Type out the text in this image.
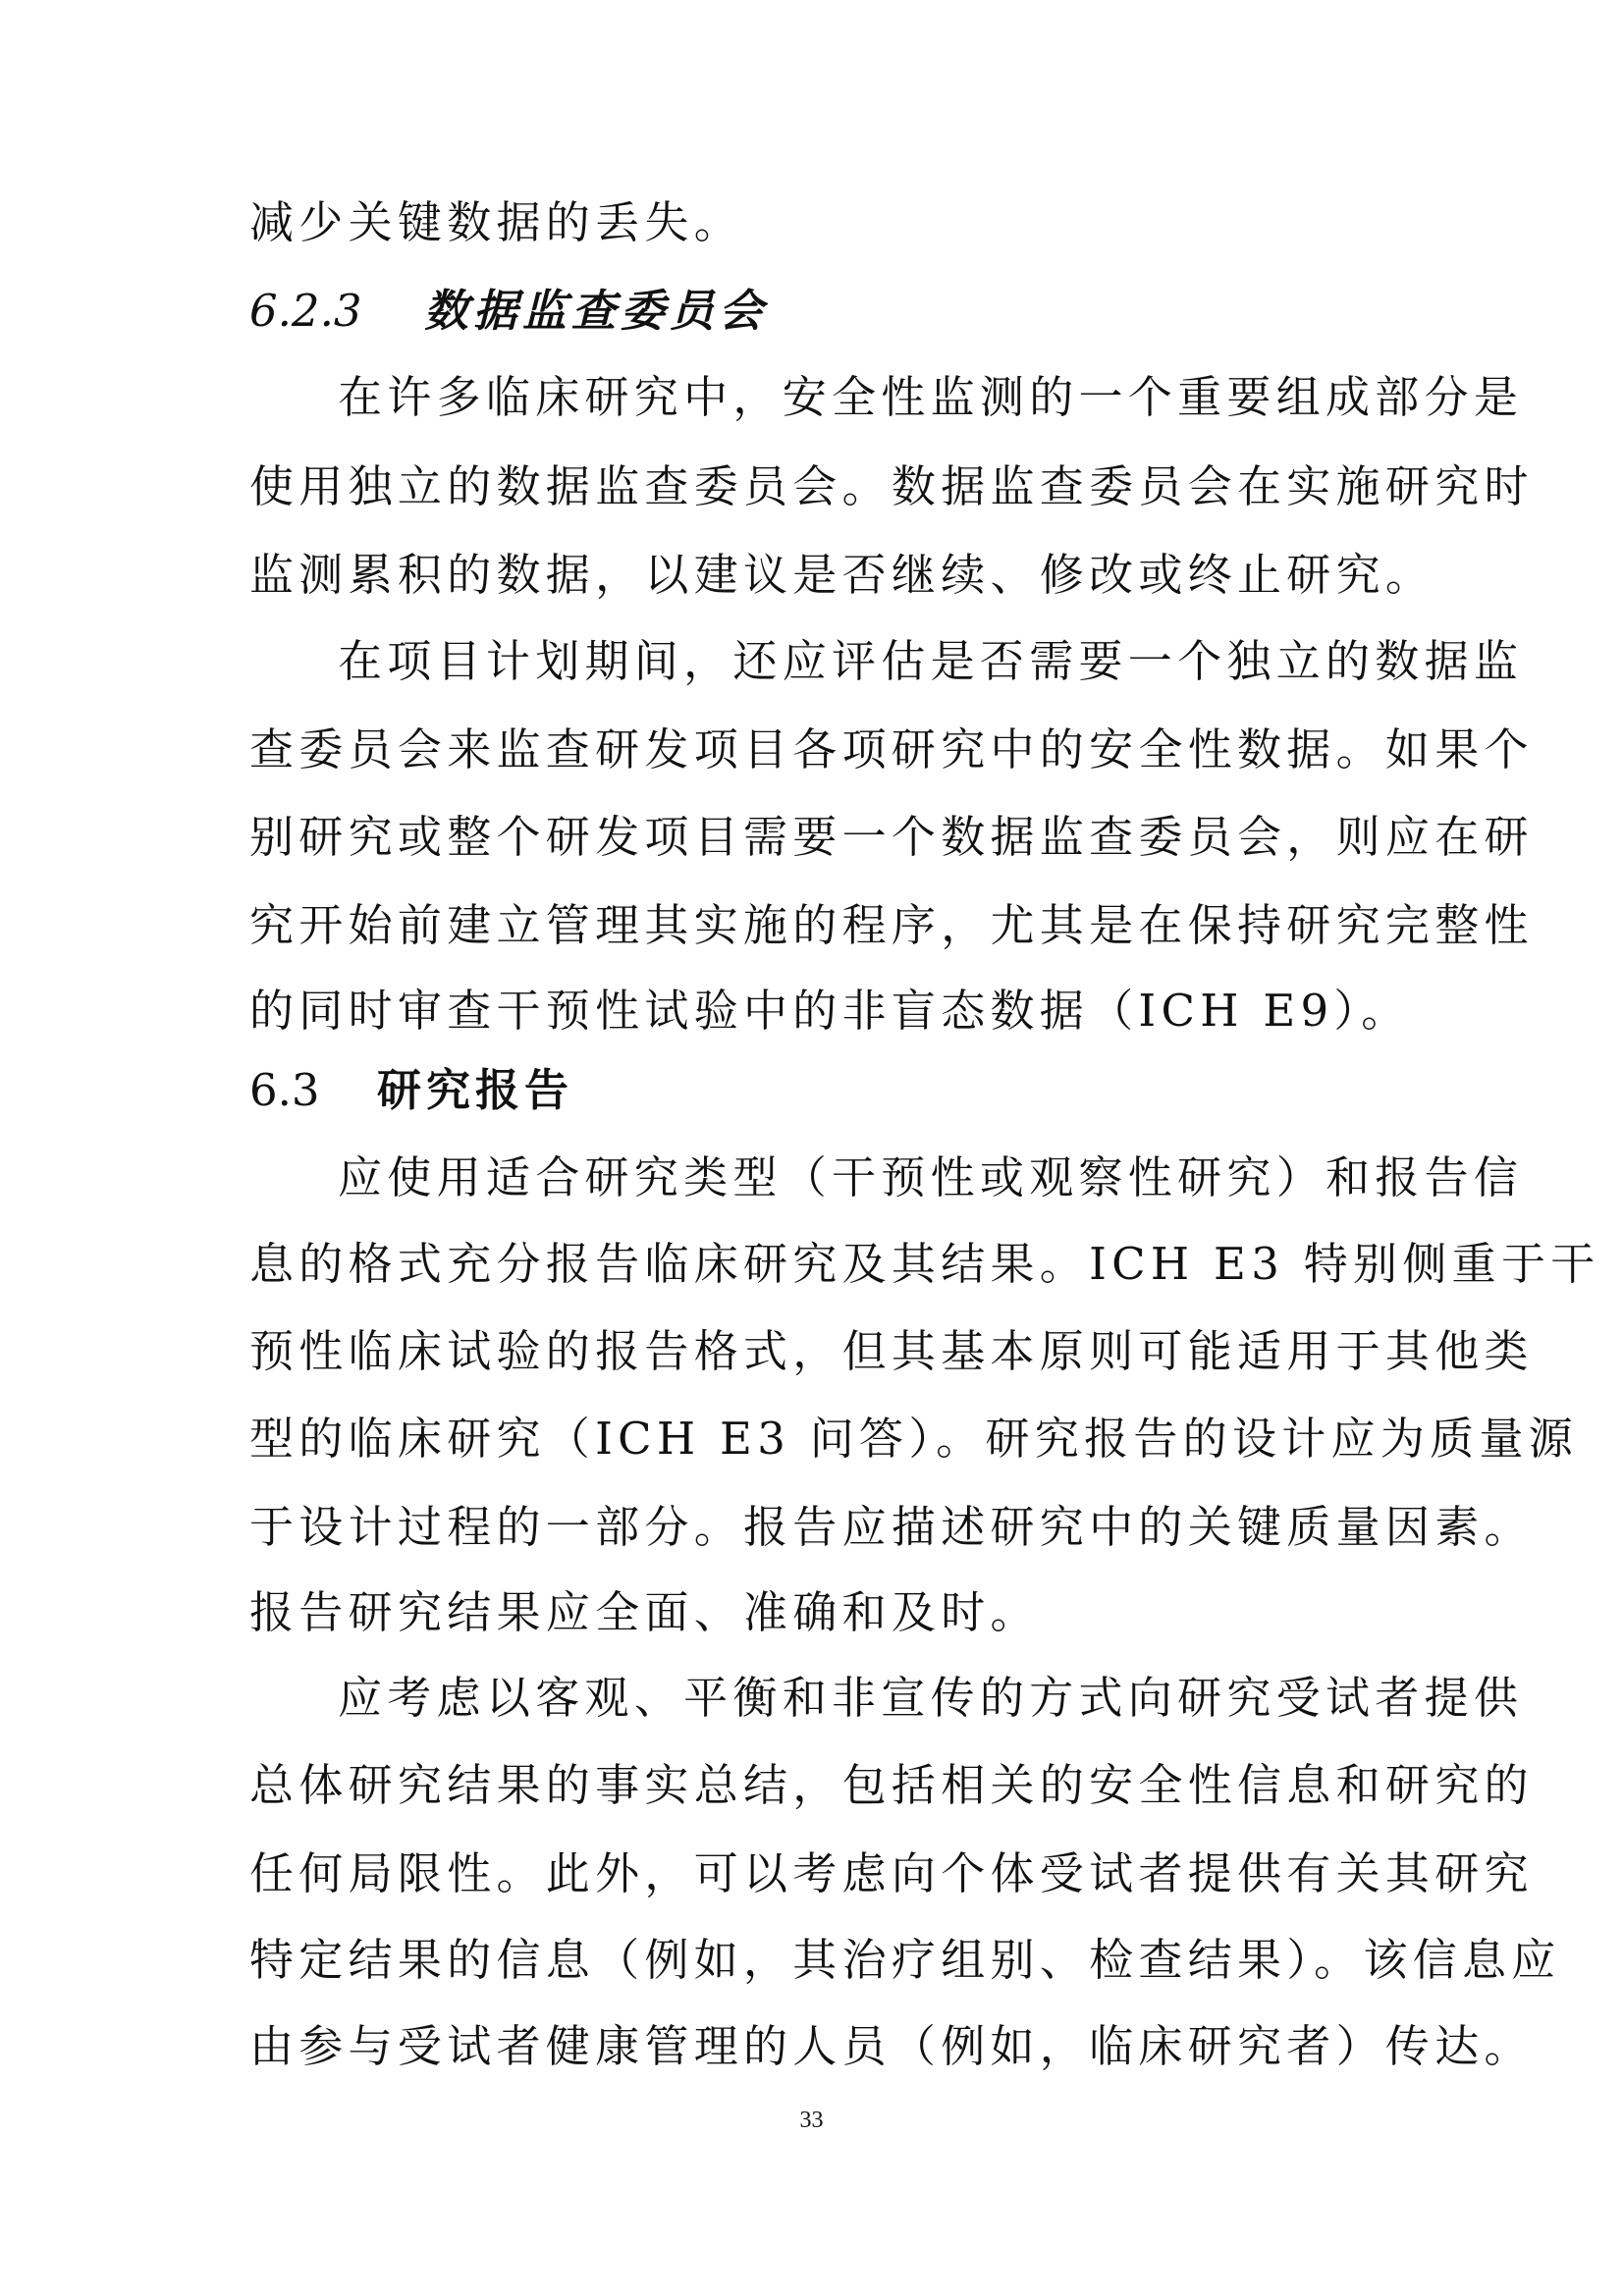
减少关键数据的丢失。
6.2.3 数据监查委员会
在许多临床研究中，安全性监测的一个重要组成部分是
使用独立的数据监查委员会。数据监查委员会在实施研究时
监测累积的数据，以建议是否继续、修改或终止研究。
在项目计划期间，还应评估是否需要一个独立的数据监
查委员会来监查研发项目各项研究中的安全性数据。如果个
别研究或整个研发项目需要一个数据监查委员会，则应在研
究开始前建立管理其实施的程序，尤其是在保持研究完整性
的同时审查干预性试验中的非盲态数据（ICH E9）。
6.3 研究报告
应使用适合研究类型（干预性或观察性研究）和报告信
息的格式充分报告临床研究及其结果。ICH E3 特别侧重于干
预性临床试验的报告格式，但其基本原则可能适用于其他类
型的临床研究（ICH E3 问答）。研究报告的设计应为质量源
于设计过程的一部分。报告应描述研究中的关键质量因素。
报告研究结果应全面、准确和及时。
应考虑以客观、平衡和非宣传的方式向研究受试者提供
总体研究结果的事实总结，包括相关的安全性信息和研究的
任何局限性。此外，可以考虑向个体受试者提供有关其研究
特定结果的信息（例如，其治疗组别、检查结果）。该信息应
由参与受试者健康管理的人员（例如，临床研究者）传达。
33
